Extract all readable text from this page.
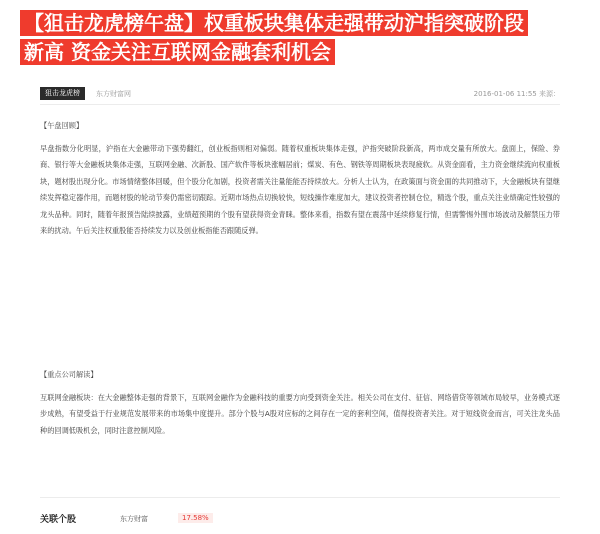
【狙击龙虎榜午盘】权重板块集体走强带动沪指突破阶段
新高 资金关注互联网金融套利机会
狙击龙虎榜	东方财富网	2016-01-06 11:55 来源：

【午盘回顾】

早盘指数分化明显，沪指在大金融带动下强势翻红，创业板指则相对偏弱。随着权重板块集体走强，沪指突破阶段新高，两市成交量有所放大。盘面上，保险、券商、银行等大金融板块集体走强，互联网金融、次新股、国产软件等板块涨幅居前；煤炭、有色、钢铁等周期板块表现疲软。从资金面看，主力资金继续流向权重板块，题材股出现分化。市场情绪整体回暖，但个股分化加剧，投资者需关注量能能否持续放大。分析人士认为，在政策面与资金面的共同推动下，大金融板块有望继续发挥稳定器作用，而题材股的轮动节奏仍需密切跟踪。近期市场热点切换较快，短线操作难度加大，建议投资者控制仓位，精选个股，重点关注业绩确定性较强的龙头品种。同时，随着年报预告陆续披露，业绩超预期的个股有望获得资金青睐。整体来看，指数有望在震荡中延续修复行情，但需警惕外围市场波动及解禁压力带来的扰动。午后关注权重股能否持续发力以及创业板指能否跟随反弹。

【重点公司解读】

互联网金融板块：在大金融整体走强的背景下，互联网金融作为金融科技的重要方向受到资金关注。相关公司在支付、征信、网络借贷等领域布局较早，业务模式逐步成熟，有望受益于行业规范发展带来的市场集中度提升。部分个股与A股对应标的之间存在一定的套利空间，值得投资者关注。对于短线资金而言，可关注龙头品种的回调低吸机会，同时注意控制风险。

关联个股	东方财富	17.58%
